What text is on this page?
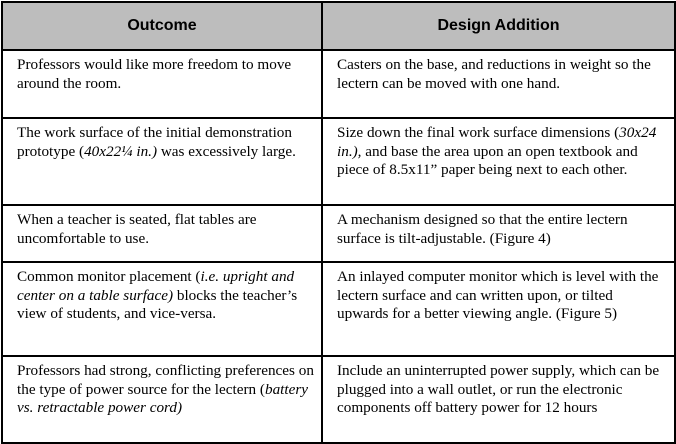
Outcome	Design Addition
Professors would like more freedom to move around the room.	Casters on the base, and reductions in weight so the lectern can be moved with one hand.
The work surface of the initial demonstration prototype (40x22¼ in.) was excessively large.	Size down the final work surface dimensions (30x24 in.), and base the area upon an open textbook and piece of 8.5x11” paper being next to each other.
When a teacher is seated, flat tables are uncomfortable to use.	A mechanism designed so that the entire lectern surface is tilt-adjustable. (Figure 4)
Common monitor placement (i.e. upright and center on a table surface) blocks the teacher’s view of students, and vice-versa.	An inlayed computer monitor which is level with the lectern surface and can written upon, or tilted upwards for a better viewing angle. (Figure 5)
Professors had strong, conflicting preferences on the type of power source for the lectern (battery vs. retractable power cord)	Include an uninterrupted power supply, which can be plugged into a wall outlet, or run the electronic components off battery power for 12 hours
